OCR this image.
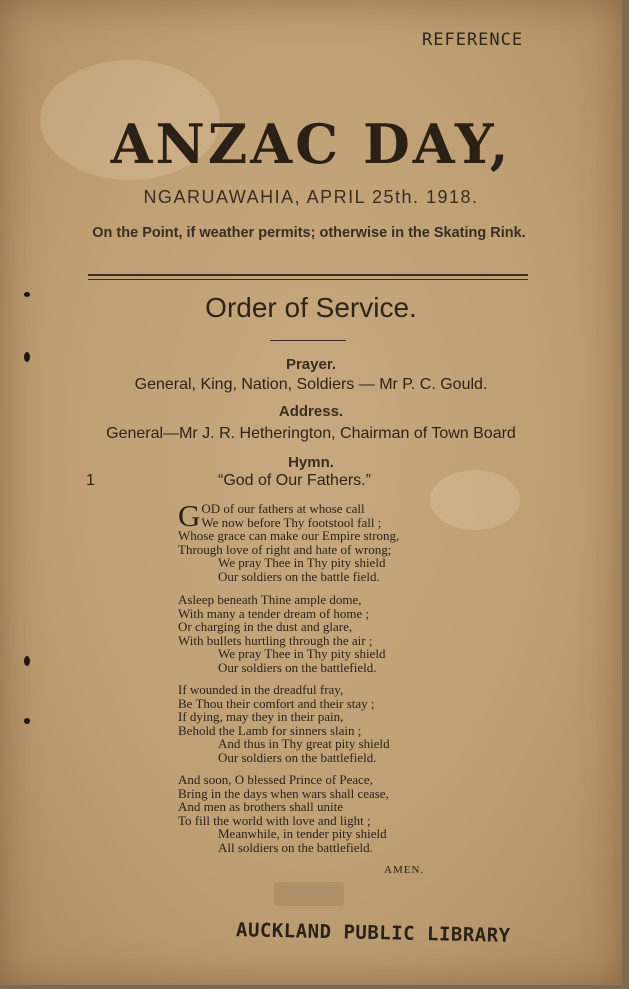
REFERENCE
ANZAC DAY,
NGARUAWAHIA, APRIL 25th. 1918.
On the Point, if weather permits; otherwise in the Skating Rink.
Order of Service.
Prayer.
General, King, Nation, Soldiers — Mr P. C. Gould.
Address.
General—Mr J. R. Hetherington, Chairman of Town Board
Hymn.
1	“God of Our Fathers.”
G OD of our fathers at whose call
We now before Thy footstool fall ;
Whose grace can make our Empire strong,
Through love of right and hate of wrong;
We pray Thee in Thy pity shield
Our soldiers on the battle field.
Asleep beneath Thine ample dome,
With many a tender dream of home ;
Or charging in the dust and glare,
With bullets hurtling through the air ;
We pray Thee in Thy pity shield
Our soldiers on the battlefield.
If wounded in the dreadful fray,
Be Thou their comfort and their stay ;
If dying, may they in their pain,
Behold the Lamb for sinners slain ;
And thus in Thy great pity shield
Our soldiers on the battlefield.
And soon, O blessed Prince of Peace,
Bring in the days when wars shall cease,
And men as brothers shall unite
To fill the world with love and light ;
Meanwhile, in tender pity shield
All soldiers on the battlefield.
AMEN.
AUCKLAND PUBLIC LIBRARY
